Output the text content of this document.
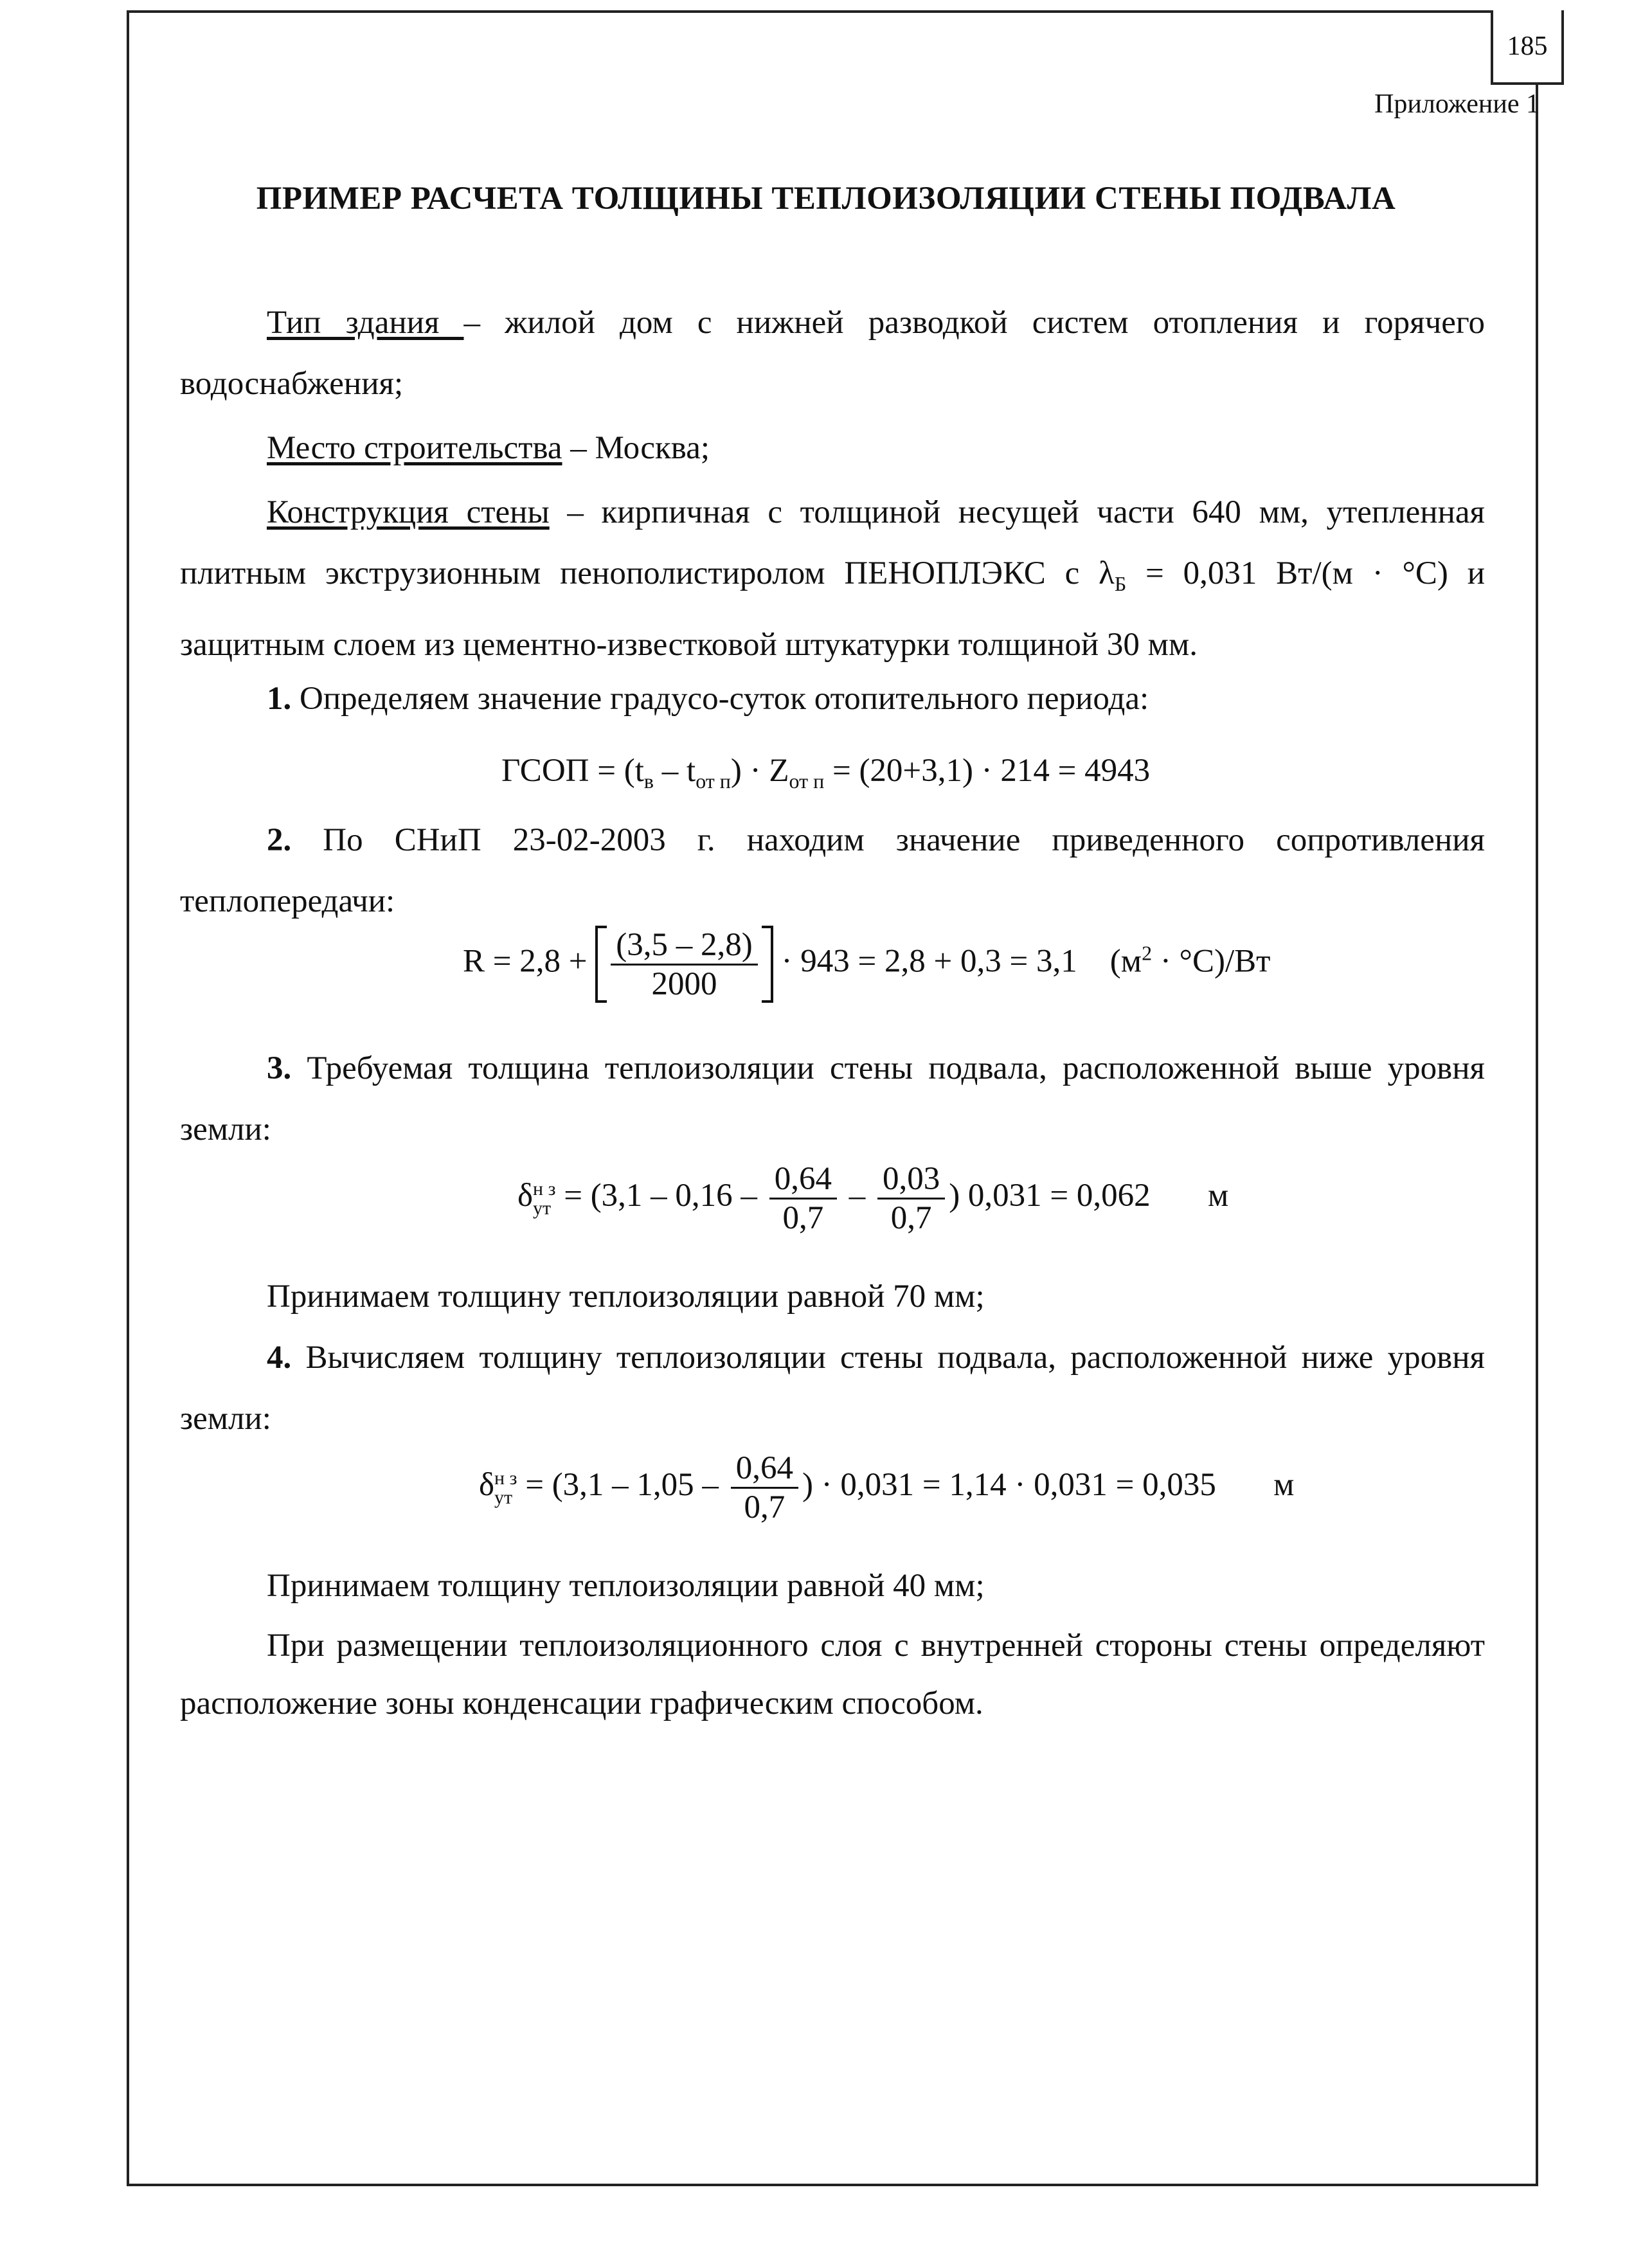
185
Приложение 1
ПРИМЕР РАСЧЕТА ТОЛЩИНЫ ТЕПЛОИЗОЛЯЦИИ СТЕНЫ ПОДВАЛА
Тип здания – жилой дом с нижней разводкой систем отопления и горячего водоснабжения;
Место строительства – Москва;
Конструкция стены – кирпичная с толщиной несущей части 640 мм, утепленная плитным экструзионным пенополистиролом ПЕНОПЛЭКС с $\lambda_Б = 0,031$ Вт/(м · °С) и защитным слоем из цементно-известковой штукатурки толщиной 30 мм.
1. Определяем значение градусо-суток отопительного периода:
ГСОП = $(t_в - t_{от п}) \cdot Z_{от п} = (20+3,1) \cdot 214 = 4943$
2. По СНиП 23-02-2003 г. находим значение приведенного сопротивления теплопередачи:
$R = 2,8 + \frac{(3,5 - 2,8)}{2000} \cdot 943 = 2,8 + 0,3 = 3,1$ $(м^2 \cdot ^\circ С)/Вт$
3. Требуемая толщина теплоизоляции стены подвала, расположенной выше уровня земли:
δ н з
ут = ($3,1 - 0,16 - \frac{0,64}{0,7} - \frac{0,03}{0,7}$ ) 0,031 = 0,062 м
Принимаем толщину теплоизоляции равной 70 мм;
4. Вычисляем толщину теплоизоляции стены подвала, расположенной ниже уровня земли:
δ н з
ут = ($3,1 - 1,05 - \frac{0,64}{0,7}$ ) · 0,031 = 1,14 · 0,031 = 0,035 м
Принимаем толщину теплоизоляции равной 40 мм;
При размещении теплоизоляционного слоя с внутренней стороны стены определяют расположение зоны конденсации графическим способом.
